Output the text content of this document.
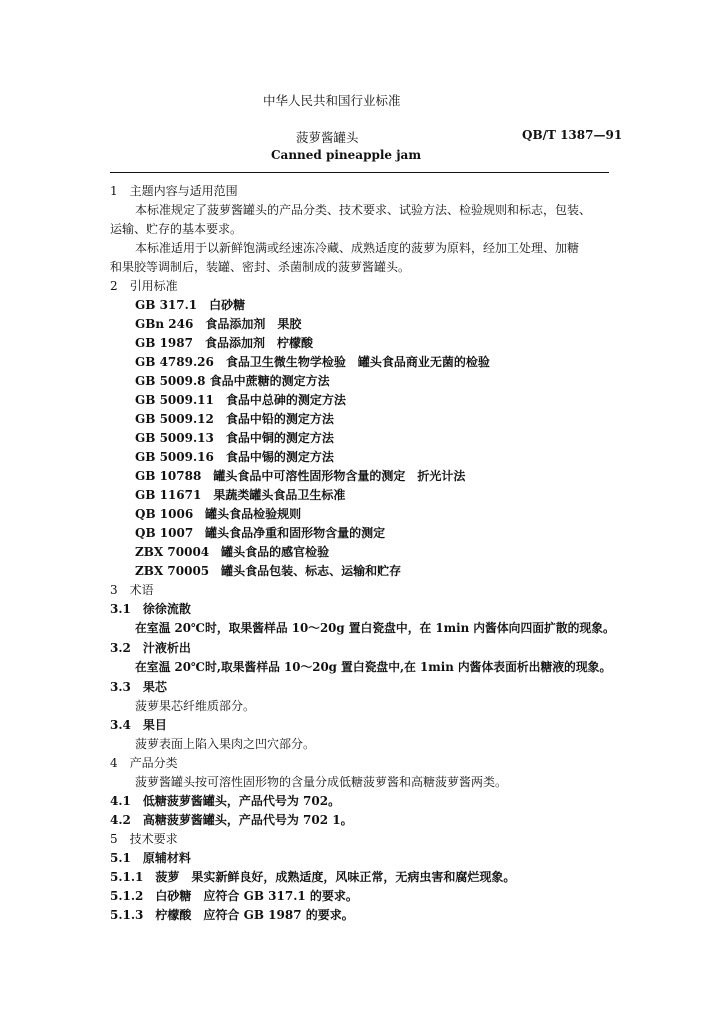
中华人民共和国行业标准
菠萝酱罐头	QB/T 1387—91
Canned pineapple jam
1　主题内容与适用范围
本标准规定了菠萝酱罐头的产品分类、技术要求、试验方法、检验规则和标志，包装、
运输、贮存的基本要求。
本标准适用于以新鲜饱满或经速冻冷藏、成熟适度的菠萝为原料，经加工处理、加糖
和果胶等调制后，装罐、密封、杀菌制成的菠萝酱罐头。
2　引用标准
GB 317.1　白砂糖
GBn 246　食品添加剂　果胶
GB 1987　食品添加剂　柠檬酸
GB 4789.26　食品卫生微生物学检验　罐头食品商业无菌的检验
GB 5009.8 食品中蔗糖的测定方法
GB 5009.11　食品中总砷的测定方法
GB 5009.12　食品中铅的测定方法
GB 5009.13　食品中铜的测定方法
GB 5009.16　食品中锡的测定方法
GB 10788　罐头食品中可溶性固形物含量的测定　折光计法
GB 11671　果蔬类罐头食品卫生标准
QB 1006　罐头食品检验规则
QB 1007　罐头食品净重和固形物含量的测定
ZBX 70004　罐头食品的感官检验
ZBX 70005　罐头食品包装、标志、运输和贮存
3　术语
3.1　徐徐流散
在室温 20℃时，取果酱样品 10～20g 置白瓷盘中，在 1min 内酱体向四面扩散的现象。
3.2　汁液析出
在室温 20℃时,取果酱样品 10～20g 置白瓷盘中,在 1min 内酱体表面析出糖液的现象。
3.3　果芯
菠萝果芯纤维质部分。
3.4　果目
菠萝表面上陷入果肉之凹穴部分。
4　产品分类
菠萝酱罐头按可溶性固形物的含量分成低糖菠萝酱和高糖菠萝酱两类。
4.1　低糖菠萝酱罐头，产品代号为 702。
4.2　高糖菠萝酱罐头，产品代号为 702 1。
5　技术要求
5.1　原辅材料
5.1.1　菠萝　果实新鲜良好，成熟适度，风味正常，无病虫害和腐烂现象。
5.1.2　白砂糖　应符合 GB 317.1 的要求。
5.1.3　柠檬酸　应符合 GB 1987 的要求。
